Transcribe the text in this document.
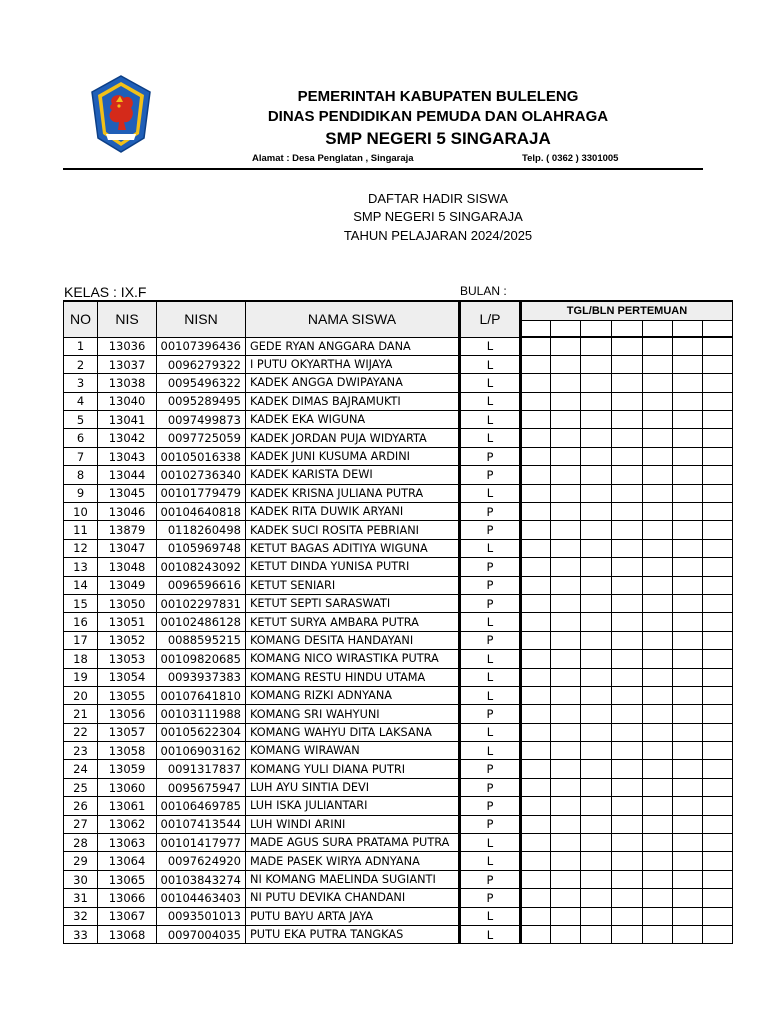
PEMERINTAH KABUPATEN BULELENG
DINAS PENDIDIKAN PEMUDA DAN OLAHRAGA
SMP NEGERI 5 SINGARAJA
Alamat : Desa Penglatan , Singaraja	Telp. ( 0362 ) 3301005
DAFTAR HADIR SISWA
SMP NEGERI 5 SINGARAJA
TAHUN PELAJARAN 2024/2025
KELAS : IX.F	BULAN :
NO	NIS	NISN	NAMA SISWA	L/P	TGL/BLN PERTEMUAN						

1	13036	00107396436	GEDE RYAN ANGGARA DANA	L							
2	13037	0096279322	I PUTU OKYARTHA WIJAYA	L							
3	13038	0095496322	KADEK ANGGA DWIPAYANA	L							
4	13040	0095289495	KADEK DIMAS BAJRAMUKTI	L							
5	13041	0097499873	KADEK EKA WIGUNA	L							
6	13042	0097725059	KADEK JORDAN PUJA WIDYARTA	L							
7	13043	00105016338	KADEK JUNI KUSUMA ARDINI	P							
8	13044	00102736340	KADEK KARISTA DEWI	P							
9	13045	00101779479	KADEK KRISNA JULIANA PUTRA	L							
10	13046	00104640818	KADEK RITA DUWIK ARYANI	P							
11	13879	0118260498	KADEK SUCI ROSITA PEBRIANI	P							
12	13047	0105969748	KETUT BAGAS ADITIYA WIGUNA	L							
13	13048	00108243092	KETUT DINDA YUNISA PUTRI	P							
14	13049	0096596616	KETUT SENIARI	P							
15	13050	00102297831	KETUT SEPTI SARASWATI	P							
16	13051	00102486128	KETUT SURYA AMBARA PUTRA	L							
17	13052	0088595215	KOMANG DESITA HANDAYANI	P							
18	13053	00109820685	KOMANG NICO WIRASTIKA PUTRA	L							
19	13054	0093937383	KOMANG RESTU HINDU UTAMA	L							
20	13055	00107641810	KOMANG RIZKI ADNYANA	L							
21	13056	00103111988	KOMANG SRI WAHYUNI	P							
22	13057	00105622304	KOMANG WAHYU DITA LAKSANA	L							
23	13058	00106903162	KOMANG WIRAWAN	L							
24	13059	0091317837	KOMANG YULI DIANA PUTRI	P							
25	13060	0095675947	LUH AYU SINTIA DEVI	P							
26	13061	00106469785	LUH ISKA JULIANTARI	P							
27	13062	00107413544	LUH WINDI ARINI	P							
28	13063	00101417977	MADE AGUS SURA PRATAMA PUTRA	L							
29	13064	0097624920	MADE PASEK WIRYA ADNYANA	L							
30	13065	00103843274	NI KOMANG MAELINDA SUGIANTI	P							
31	13066	00104463403	NI PUTU DEVIKA CHANDANI	P							
32	13067	0093501013	PUTU BAYU ARTA JAYA	L							
33	13068	0097004035	PUTU EKA PUTRA TANGKAS	L							
